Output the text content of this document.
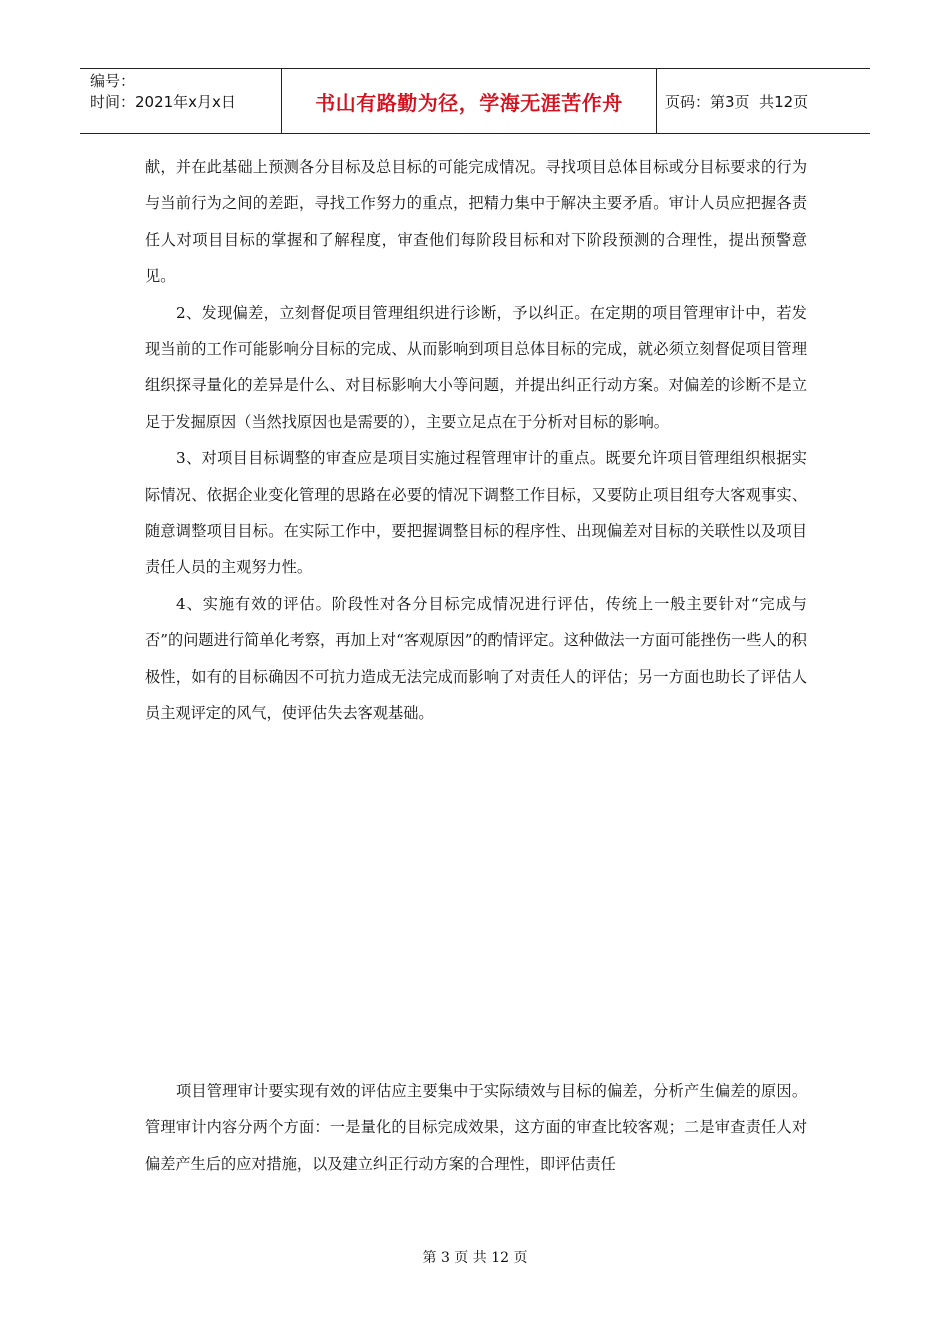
编号：
时间：2021年x月x日	书山有路勤为径，学海无涯苦作舟	页码：第3页  共12页

献，并在此基础上预测各分目标及总目标的可能完成情况。寻找项目总体目标或分目标要求的行为与当前行为之间的差距，寻找工作努力的重点，把精力集中于解决主要矛盾。审计人员应把握各责任人对项目目标的掌握和了解程度，审查他们每阶段目标和对下阶段预测的合理性，提出预警意见。

2、发现偏差，立刻督促项目管理组织进行诊断，予以纠正。在定期的项目管理审计中，若发现当前的工作可能影响分目标的完成、从而影响到项目总体目标的完成，就必须立刻督促项目管理组织探寻量化的差异是什么、对目标影响大小等问题，并提出纠正行动方案。对偏差的诊断不是立足于发掘原因（当然找原因也是需要的），主要立足点在于分析对目标的影响。

3、对项目目标调整的审查应是项目实施过程管理审计的重点。既要允许项目管理组织根据实际情况、依据企业变化管理的思路在必要的情况下调整工作目标，又要防止项目组夸大客观事实、随意调整项目目标。在实际工作中，要把握调整目标的程序性、出现偏差对目标的关联性以及项目责任人员的主观努力性。

4、实施有效的评估。阶段性对各分目标完成情况进行评估，传统上一般主要针对“完成与否”的问题进行简单化考察，再加上对“客观原因”的酌情评定。这种做法一方面可能挫伤一些人的积极性，如有的目标确因不可抗力造成无法完成而影响了对责任人的评估；另一方面也助长了评估人员主观评定的风气，使评估失去客观基础。

项目管理审计要实现有效的评估应主要集中于实际绩效与目标的偏差，分析产生偏差的原因。管理审计内容分两个方面：一是量化的目标完成效果，这方面的审查比较客观；二是审查责任人对偏差产生后的应对措施，以及建立纠正行动方案的合理性，即评估责任

第 3 页 共 12 页
